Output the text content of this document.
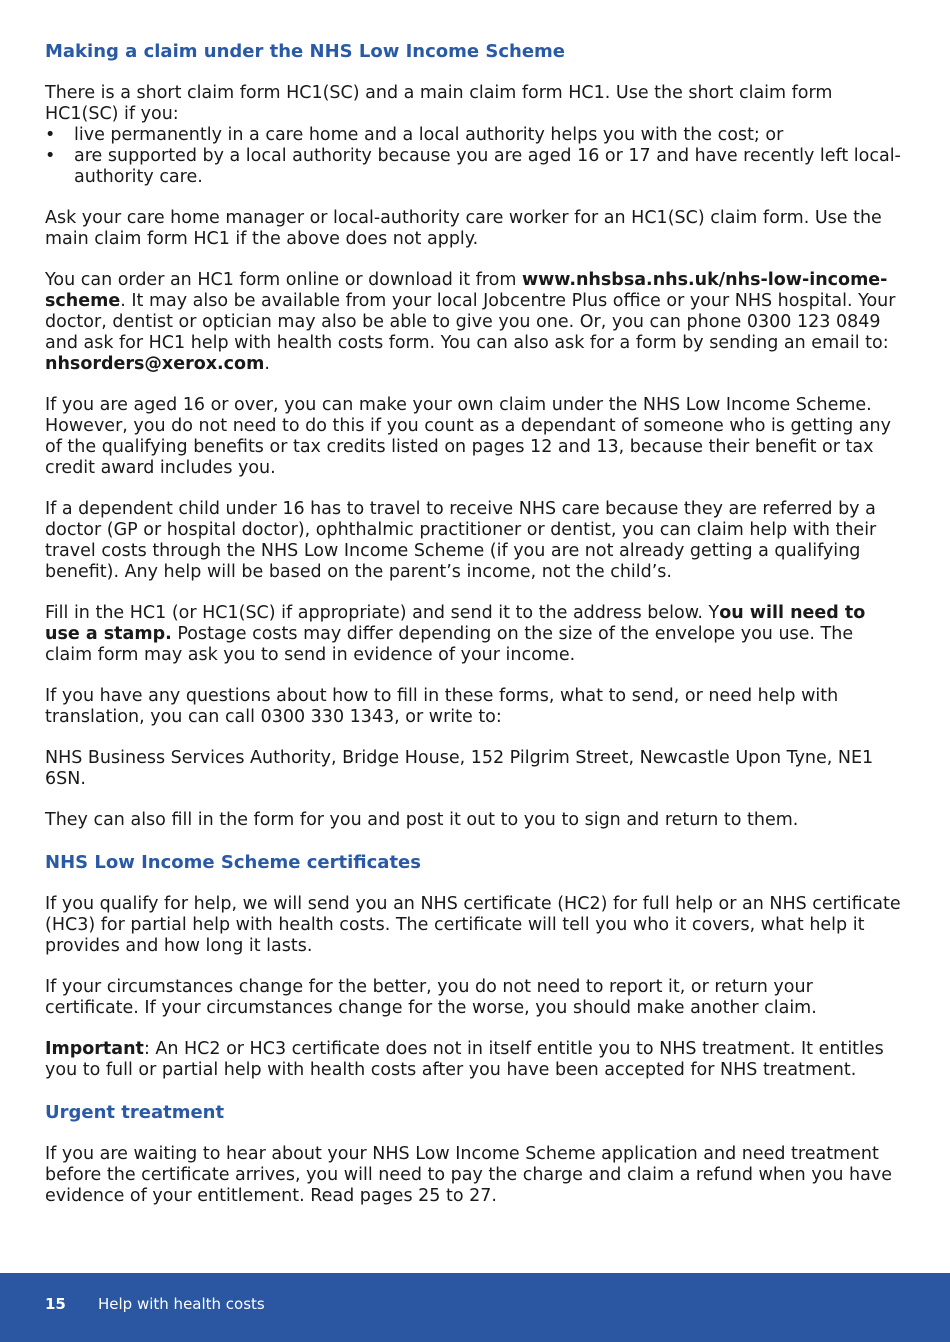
Making a claim under the NHS Low Income Scheme

There is a short claim form HC1(SC) and a main claim form HC1. Use the short claim form HC1(SC) if you:

• live permanently in a care home and a local authority helps you with the cost; or
• are supported by a local authority because you are aged 16 or 17 and have recently left local-authority care.

Ask your care home manager or local-authority care worker for an HC1(SC) claim form. Use the main claim form HC1 if the above does not apply.

You can order an HC1 form online or download it from www.nhsbsa.nhs.uk/nhs-low-income-scheme. It may also be available from your local Jobcentre Plus office or your NHS hospital. Your doctor, dentist or optician may also be able to give you one. Or, you can phone 0300 123 0849 and ask for HC1 help with health costs form. You can also ask for a form by sending an email to: nhsorders@xerox.com.

If you are aged 16 or over, you can make your own claim under the NHS Low Income Scheme. However, you do not need to do this if you count as a dependant of someone who is getting any of the qualifying benefits or tax credits listed on pages 12 and 13, because their benefit or tax credit award includes you.

If a dependent child under 16 has to travel to receive NHS care because they are referred by a doctor (GP or hospital doctor), ophthalmic practitioner or dentist, you can claim help with their travel costs through the NHS Low Income Scheme (if you are not already getting a qualifying benefit). Any help will be based on the parent’s income, not the child’s.

Fill in the HC1 (or HC1(SC) if appropriate) and send it to the address below. You will need to use a stamp. Postage costs may differ depending on the size of the envelope you use. The claim form may ask you to send in evidence of your income.

If you have any questions about how to fill in these forms, what to send, or need help with translation, you can call 0300 330 1343, or write to:

NHS Business Services Authority, Bridge House, 152 Pilgrim Street, Newcastle Upon Tyne, NE1 6SN.

They can also fill in the form for you and post it out to you to sign and return to them.

NHS Low Income Scheme certificates

If you qualify for help, we will send you an NHS certificate (HC2) for full help or an NHS certificate (HC3) for partial help with health costs. The certificate will tell you who it covers, what help it provides and how long it lasts.

If your circumstances change for the better, you do not need to report it, or return your certificate. If your circumstances change for the worse, you should make another claim.

Important: An HC2 or HC3 certificate does not in itself entitle you to NHS treatment. It entitles you to full or partial help with health costs after you have been accepted for NHS treatment.

Urgent treatment

If you are waiting to hear about your NHS Low Income Scheme application and need treatment before the certificate arrives, you will need to pay the charge and claim a refund when you have evidence of your entitlement. Read pages 25 to 27.

15 Help with health costs
